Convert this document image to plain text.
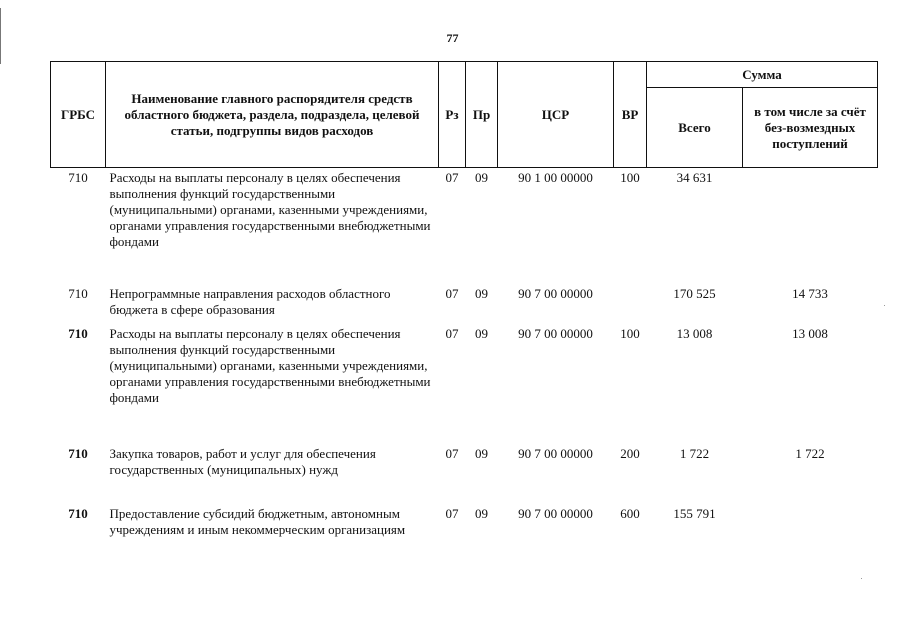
77
ГРБС	Наименование главного распорядителя средств областного бюджета, раздела, подраздела, целевой статьи, подгруппы видов расходов	Рз	Пр	ЦСР	ВР	Сумма	
						Всего	в том числе за счёт без-возмездных поступлений
710	Расходы на выплаты персоналу в целях обеспечения выполнения функций государственными (муниципальными) органами, казенными учреждениями, органами управления государственными внебюджетными фондами	07	09	90 1 00 00000	100	34 631	
710	Непрограммные направления расходов областного бюджета в сфере образования	07	09	90 7 00 00000		170 525	14 733
710	Расходы на выплаты персоналу в целях обеспечения выполнения функций государственными (муниципальными) органами, казенными учреждениями, органами управления государственными внебюджетными фондами	07	09	90 7 00 00000	100	13 008	13 008
710	Закупка товаров, работ и услуг для обеспечения государственных (муниципальных) нужд	07	09	90 7 00 00000	200	1 722	1 722
710	Предоставление субсидий бюджетным, автономным учреждениям и иным некоммерческим организациям	07	09	90 7 00 00000	600	155 791	
